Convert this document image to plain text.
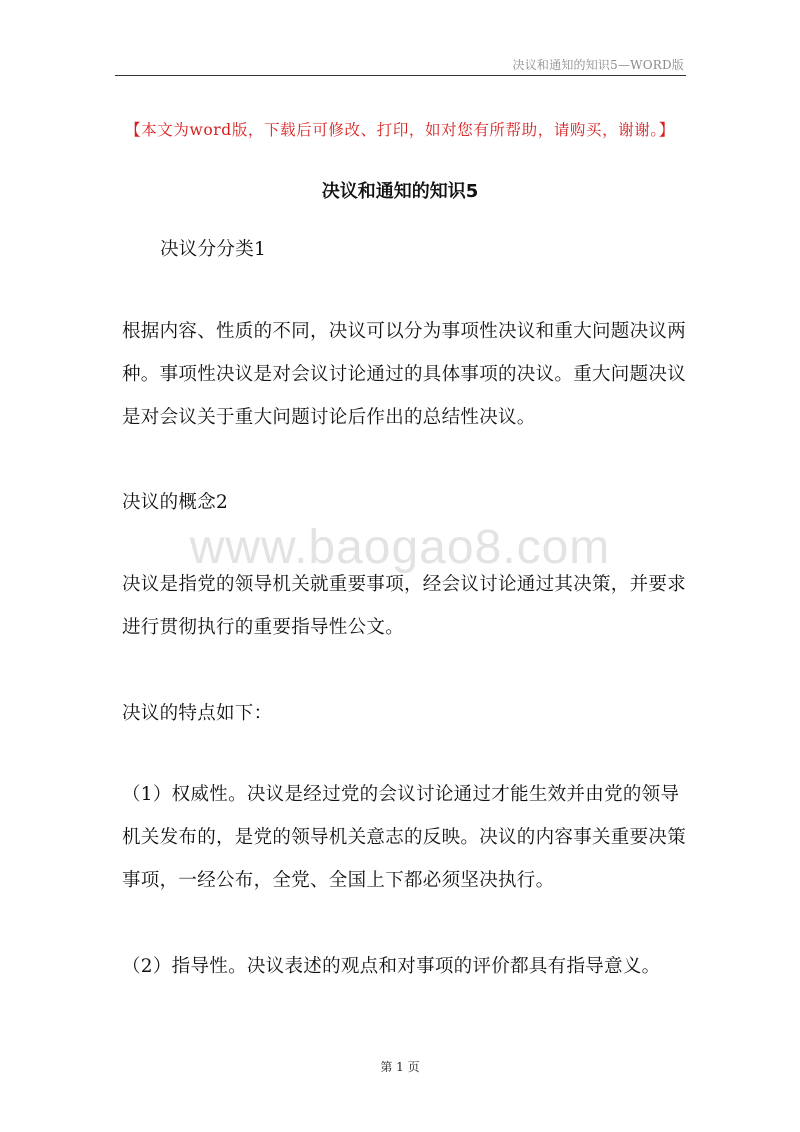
决议和通知的知识5—WORD版
【本文为word版，下载后可修改、打印，如对您有所帮助，请购买，谢谢。】
决议和通知的知识5
决议分分类1
根据内容、性质的不同，决议可以分为事项性决议和重大问题决议两种。事项性决议是对会议讨论通过的具体事项的决议。重大问题决议是对会议关于重大问题讨论后作出的总结性决议。
决议的概念2
www.baogao8.com
决议是指党的领导机关就重要事项，经会议讨论通过其决策，并要求进行贯彻执行的重要指导性公文。
决议的特点如下：
（1）权威性。决议是经过党的会议讨论通过才能生效并由党的领导机关发布的，是党的领导机关意志的反映。决议的内容事关重要决策事项，一经公布，全党、全国上下都必须坚决执行。
（2）指导性。决议表述的观点和对事项的评价都具有指导意义。
第 1 页
